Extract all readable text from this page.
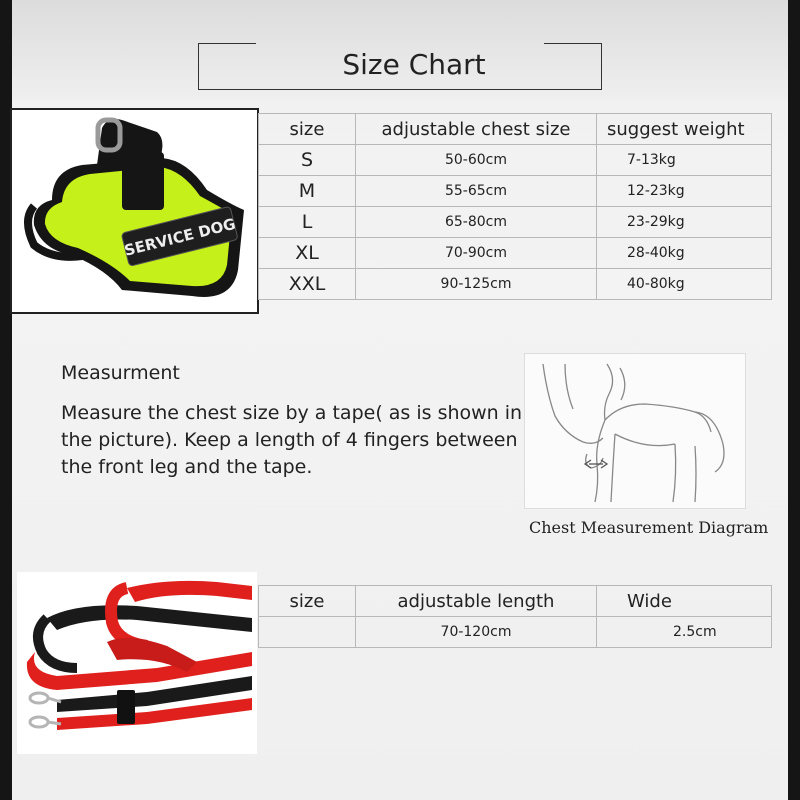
Size Chart
SERVICE DOG
size	adjustable chest size	suggest weight
S	50-60cm	7-13kg
M	55-65cm	12-23kg
L	65-80cm	23-29kg
XL	70-90cm	28-40kg
XXL	90-125cm	40-80kg
Measurment
Measure the chest size by a tape( as is shown in the picture). Keep a length of 4 fingers between the front leg and the tape.
Chest Measurement Diagram
size	adjustable length	Wide
	70-120cm	2.5cm
